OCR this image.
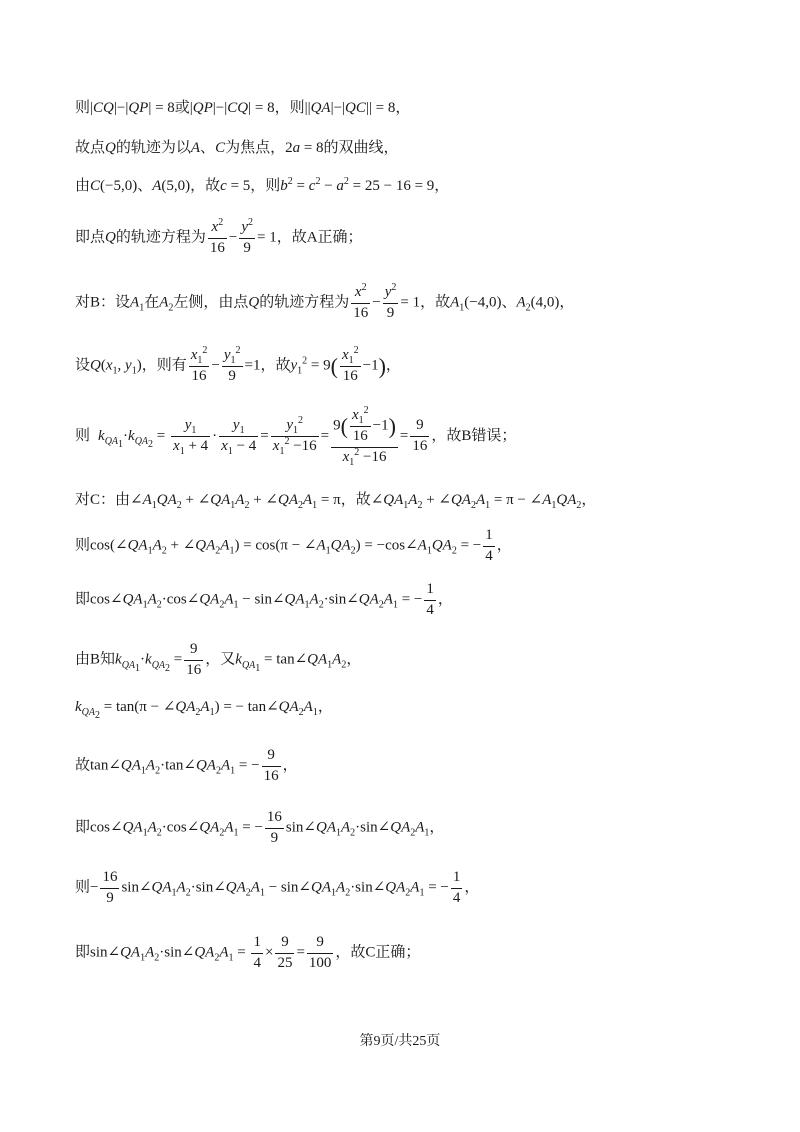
则|CQ|−|QP| = 8或|QP|−|CQ| = 8，则||QA|−|QC|| = 8，
故点Q的轨迹为以A、C为焦点，2a = 8的双曲线，
由C(−5,0)、A(5,0)，故c = 5，则$b^2 = c^2 - a^2 = 25 - 16 = 9$，
即点Q的轨迹方程为 $\frac{x^2}{16} - \frac{y^2}{9} = 1$，故A正确；
对B：设$A_1$在$A_2$左侧，由点Q的轨迹方程为 $\frac{x^2}{16} - \frac{y^2}{9} = 1$，故$A_1(-4,0)$、$A_2(4,0)$，
设$Q(x_1$, $y_1$)，则有 $\frac{x_1^2}{16} - \frac{y_1^2}{9} =1$，故$y_1^2 = 9( \frac{x_1^2}{16} -1)$，
则 $k_{QA_1}\cdot k_{QA_2} = \frac{y_1}{x_1 + 4} \cdot \frac{y_1}{x_1 - 4} = \frac{y_1^2}{x_1^2 -16} = \frac{9( \frac{x_1^2}{16} -1)}{x_1^2 -16} = \frac{9}{16}$ ，故B错误；
对C：由$\angle A_1QA_2$ + $\angle QA_1A_2$ + $\angle QA_2A_1 = \pi$，故$\angle QA_1A_2$ + $\angle QA_2A_1 = \pi$ − $\angle A_1QA_2$，
则$\cos(\angle QA_1A_2$ + $\angle QA_2A_1) = \cos(\pi$ − $\angle A_1QA_2$) = $-\cos\angle A_1QA_2$ = − $\frac{1}{4}$ ，
即$\cos\angle QA_1A_2\cdot\cos\angle QA_2A_1$ − $\sin\angle QA_1A_2\cdot\sin\angle QA_2A_1$ = − $\frac{1}{4}$ ，
由B知$k_{QA_1}\cdot k_{QA_2} = \frac{9}{16}$ ，又$k_{QA_1}$ = $\tan\angle QA_1A_2$，
$k_{QA_2} = \tan(\pi$ − $\angle QA_2A_1$) = − $\tan\angle QA_2A_1$，
故$\tan\angle QA_1A_2\cdot\tan\angle QA_2A_1$ = − $\frac{9}{16}$ ，
即$\cos\angle QA_1A_2\cdot\cos\angle QA_2A_1$ = − $\frac{16}{9}$ $\sin\angle QA_1A_2\cdot\sin\angle QA_2A_1$，
则− $\frac{16}{9}$ $\sin\angle QA_1A_2\cdot\sin\angle QA_2A_1$ − $\sin\angle QA_1A_2\cdot\sin\angle QA_2A_1$ = − $\frac{1}{4}$ ，
即$\sin\angle QA_1A_2\cdot\sin\angle QA_2A_1 = \frac{1}{4} \times \frac{9}{25} = \frac{9}{100}$ ，故C正确；
第9页/共25页
